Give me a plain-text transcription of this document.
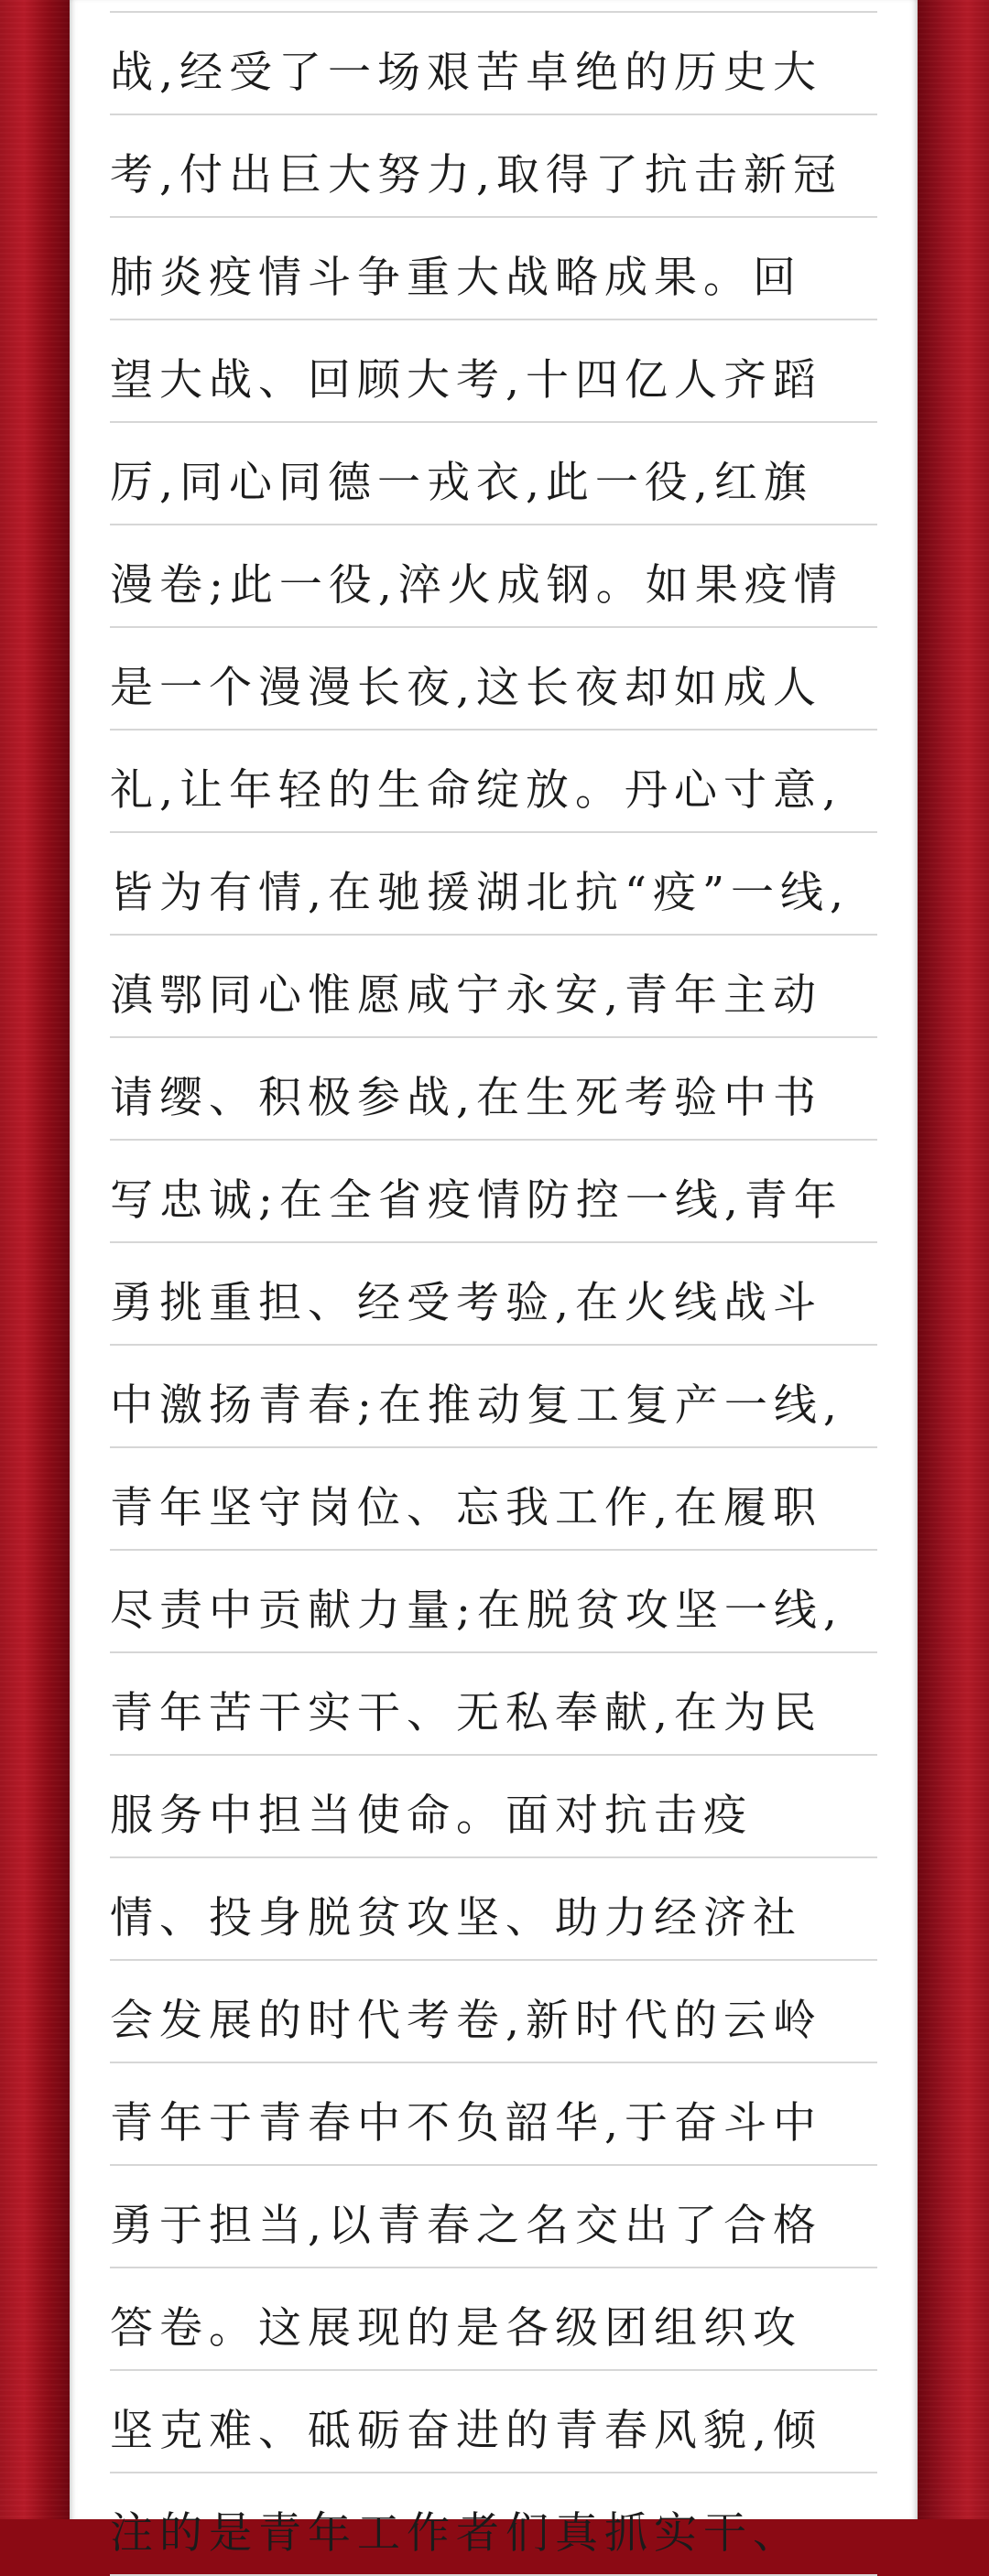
战,经受了一场艰苦卓绝的历史大
考,付出巨大努力,取得了抗击新冠
肺炎疫情斗争重大战略成果。回
望大战、回顾大考,十四亿人齐蹈
厉,同心同德一戎衣,此一役,红旗
漫卷;此一役,淬火成钢。如果疫情
是一个漫漫长夜,这长夜却如成人
礼,让年轻的生命绽放。丹心寸意,
皆为有情,在驰援湖北抗“疫”一线,
滇鄂同心惟愿咸宁永安,青年主动
请缨、积极参战,在生死考验中书
写忠诚;在全省疫情防控一线,青年
勇挑重担、经受考验,在火线战斗
中激扬青春;在推动复工复产一线,
青年坚守岗位、忘我工作,在履职
尽责中贡献力量;在脱贫攻坚一线,
青年苦干实干、无私奉献,在为民
服务中担当使命。面对抗击疫
情、投身脱贫攻坚、助力经济社
会发展的时代考卷,新时代的云岭
青年于青春中不负韶华,于奋斗中
勇于担当,以青春之名交出了合格
答卷。这展现的是各级团组织攻
坚克难、砥砺奋进的青春风貌,倾
注的是青年工作者们真抓实干、
